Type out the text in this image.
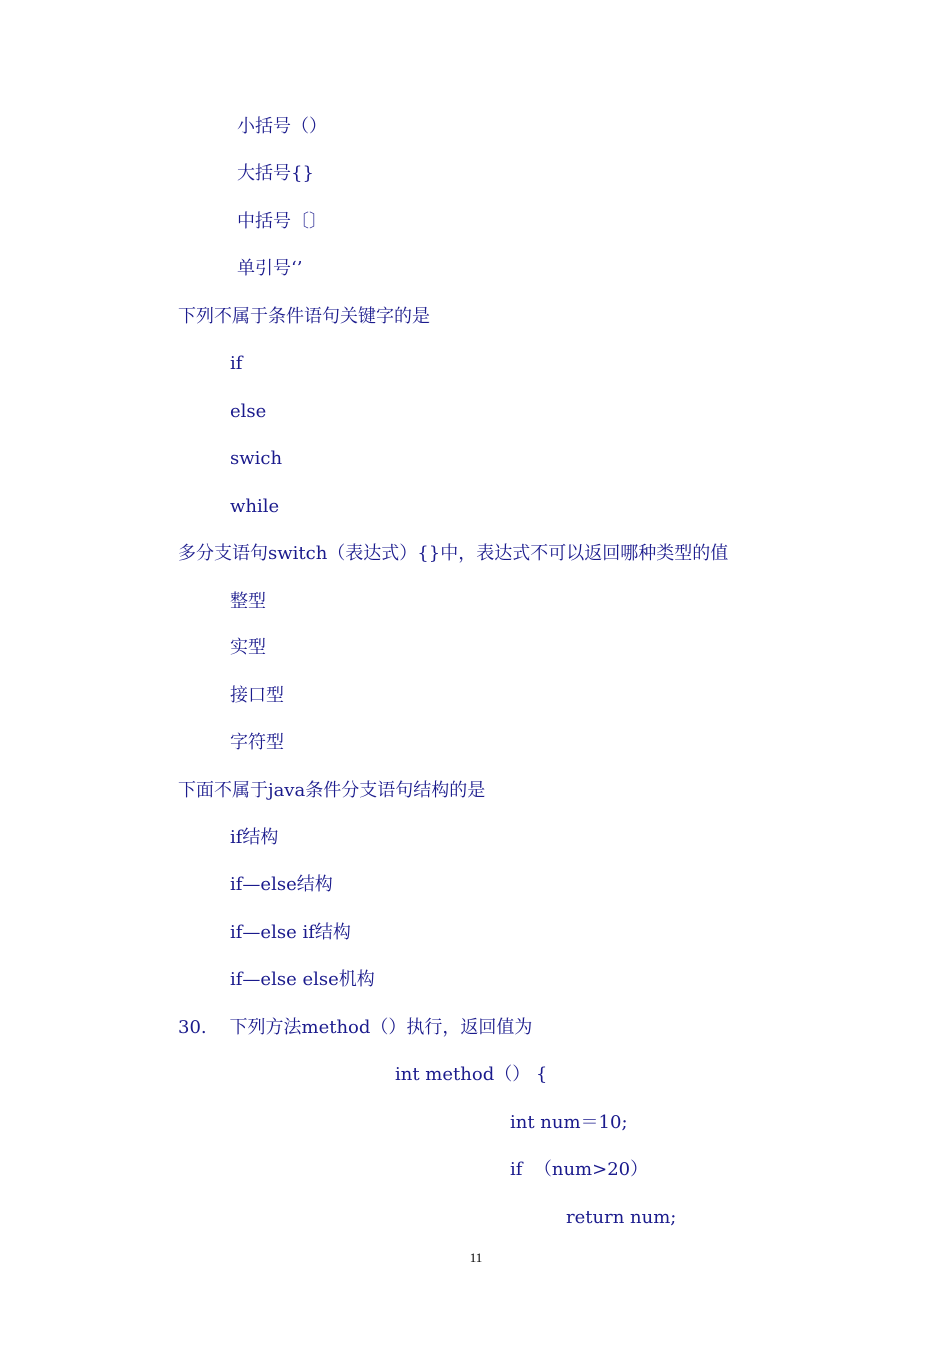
小括号（）
大括号{}
中括号〔〕
单引号‘’
下列不属于条件语句关键字的是
if
else
swich
while
多分支语句switch（表达式）{}中，表达式不可以返回哪种类型的值
整型
实型
接口型
字符型
下面不属于java条件分支语句结构的是
if结构
if—else结构
if—else if结构
if—else else机构
30.    下列方法method（）执行，返回值为
int method（） {
int num＝10;
if  （num>20）
return num;
11
